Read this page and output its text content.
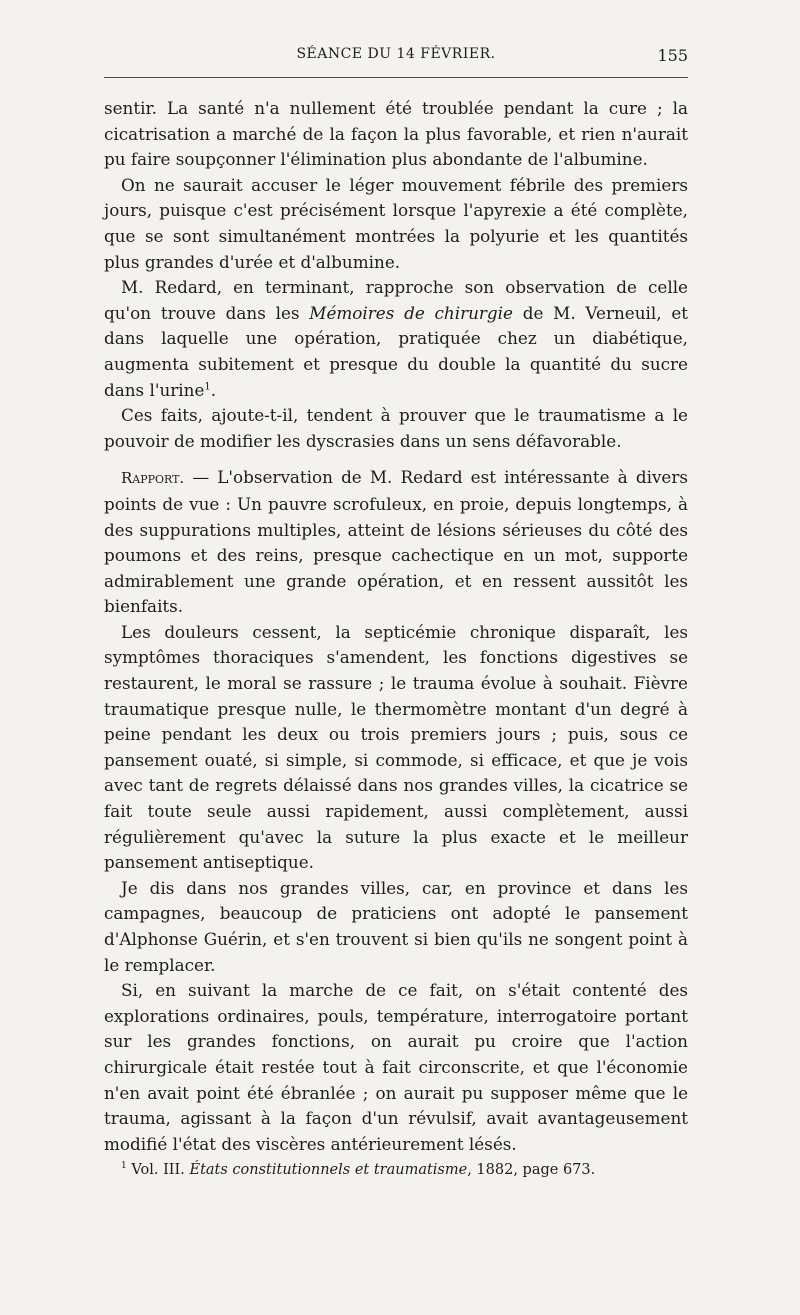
SÉANCE DU 14 FÉVRIER.	155

sentir. La santé n'a nullement été troublée pendant la cure ; la cicatrisation a marché de la façon la plus favorable, et rien n'aurait pu faire soupçonner l'élimination plus abondante de l'albumine.

On ne saurait accuser le léger mouvement fébrile des premiers jours, puisque c'est précisément lorsque l'apyrexie a été complète, que se sont simultanément montrées la polyurie et les quantités plus grandes d'urée et d'albumine.

M. Redard, en terminant, rapproche son observation de celle qu'on trouve dans les Mémoires de chirurgie de M. Verneuil, et dans laquelle une opération, pratiquée chez un diabétique, augmenta subitement et presque du double la quantité du sucre dans l'urine$^1$.

Ces faits, ajoute-t-il, tendent à prouver que le traumatisme a le pouvoir de modifier les dyscrasies dans un sens défavorable.

Rapport. — L'observation de M. Redard est intéressante à divers points de vue : Un pauvre scrofuleux, en proie, depuis longtemps, à des suppurations multiples, atteint de lésions sérieuses du côté des poumons et des reins, presque cachectique en un mot, supporte admirablement une grande opération, et en ressent aussitôt les bienfaits.

Les douleurs cessent, la septicémie chronique disparaît, les symptômes thoraciques s'amendent, les fonctions digestives se restaurent, le moral se rassure ; le trauma évolue à souhait. Fièvre traumatique presque nulle, le thermomètre montant d'un degré à peine pendant les deux ou trois premiers jours ; puis, sous ce pansement ouaté, si simple, si commode, si efficace, et que je vois avec tant de regrets délaissé dans nos grandes villes, la cicatrice se fait toute seule aussi rapidement, aussi complètement, aussi régulièrement qu'avec la suture la plus exacte et le meilleur pansement antiseptique.

Je dis dans nos grandes villes, car, en province et dans les campagnes, beaucoup de praticiens ont adopté le pansement d'Alphonse Guérin, et s'en trouvent si bien qu'ils ne songent point à le remplacer.

Si, en suivant la marche de ce fait, on s'était contenté des explorations ordinaires, pouls, température, interrogatoire portant sur les grandes fonctions, on aurait pu croire que l'action chirurgicale était restée tout à fait circonscrite, et que l'économie n'en avait point été ébranlée ; on aurait pu supposer même que le trauma, agissant à la façon d'un révulsif, avait avantageusement modifié l'état des viscères antérieurement lésés.

$^1$ Vol. III. États constitutionnels et traumatisme, 1882, page 673.
